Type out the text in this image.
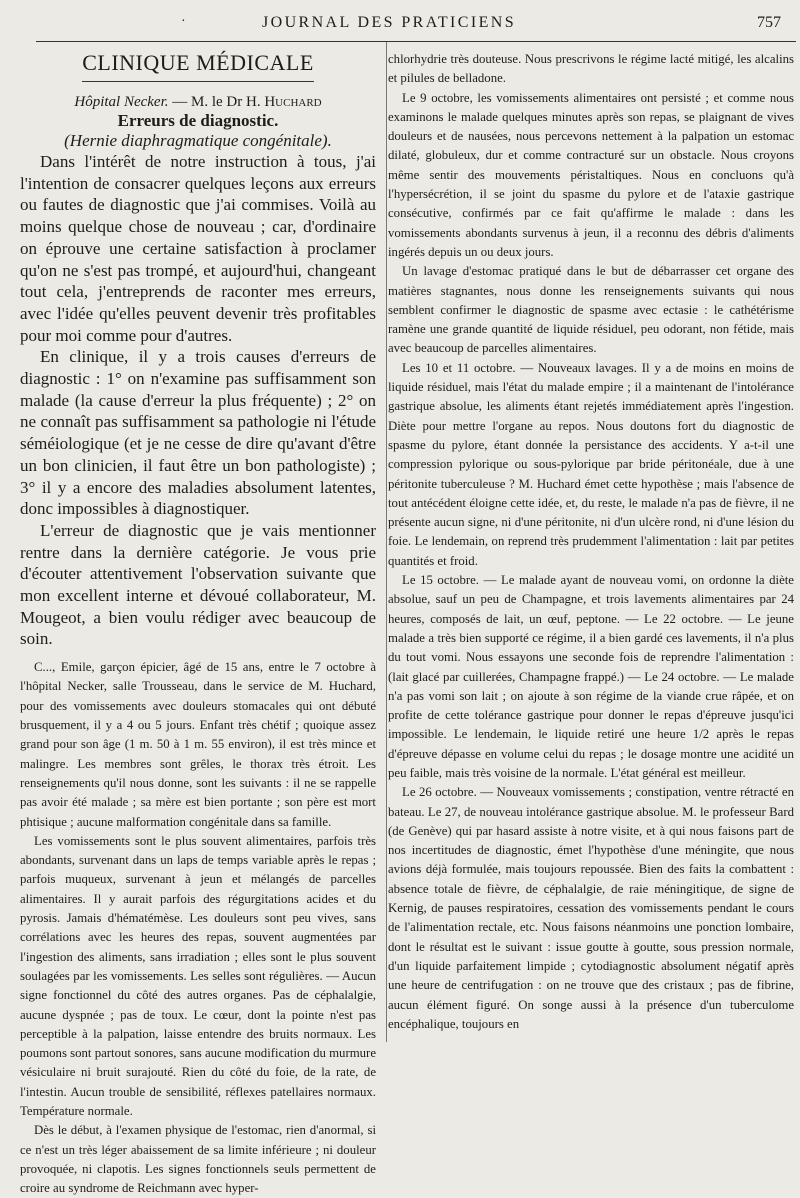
·	JOURNAL DES PRATICIENS	757
CLINIQUE MÉDICALE

Hôpital Necker. — M. le Dr H. Huchard

Erreurs de diagnostic.

(Hernie diaphragmatique congénitale).

Dans l'intérêt de notre instruction à tous, j'ai l'intention de consacrer quelques leçons aux erreurs ou fautes de diagnostic que j'ai commises. Voilà au moins quelque chose de nouveau ; car, d'ordinaire on éprouve une certaine satisfaction à proclamer qu'on ne s'est pas trompé, et aujourd'hui, changeant tout cela, j'entreprends de raconter mes erreurs, avec l'idée qu'elles peuvent devenir très profitables pour moi comme pour d'autres.

En clinique, il y a trois causes d'erreurs de diagnostic : 1° on n'examine pas suffisamment son malade (la cause d'erreur la plus fréquente) ; 2° on ne connaît pas suffisamment sa pathologie ni l'étude séméiologique (et je ne cesse de dire qu'avant d'être un bon clinicien, il faut être un bon pathologiste) ; 3° il y a encore des maladies absolument latentes, donc impossibles à diagnostiquer.

L'erreur de diagnostic que je vais mentionner rentre dans la dernière catégorie. Je vous prie d'écouter attentivement l'observation suivante que mon excellent interne et dévoué collaborateur, M. Mougeot, a bien voulu rédiger avec beaucoup de soin.

C..., Emile, garçon épicier, âgé de 15 ans, entre le 7 octobre à l'hôpital Necker, salle Trousseau, dans le service de M. Huchard, pour des vomissements avec douleurs stomacales qui ont débuté brusquement, il y a 4 ou 5 jours. Enfant très chétif ; quoique assez grand pour son âge (1 m. 50 à 1 m. 55 environ), il est très mince et malingre. Les membres sont grêles, le thorax très étroit. Les renseignements qu'il nous donne, sont les suivants : il ne se rappelle pas avoir été malade ; sa mère est bien portante ; son père est mort phtisique ; aucune malformation congénitale dans sa famille.

Les vomissements sont le plus souvent alimentaires, parfois très abondants, survenant dans un laps de temps variable après le repas ; parfois muqueux, survenant à jeun et mélangés de parcelles alimentaires. Il y aurait parfois des régurgitations acides et du pyrosis. Jamais d'hématémèse. Les douleurs sont peu vives, sans corrélations avec les heures des repas, souvent augmentées par l'ingestion des aliments, sans irradiation ; elles sont le plus souvent soulagées par les vomissements. Les selles sont régulières. — Aucun signe fonctionnel du côté des autres organes. Pas de céphalalgie, aucune dyspnée ; pas de toux. Le cœur, dont la pointe n'est pas perceptible à la palpation, laisse entendre des bruits normaux. Les poumons sont partout sonores, sans aucune modification du murmure vésiculaire ni bruit surajouté. Rien du côté du foie, de la rate, de l'intestin. Aucun trouble de sensibilité, réflexes patellaires normaux. Température normale.

Dès le début, à l'examen physique de l'estomac, rien d'anormal, si ce n'est un très léger abaissement de sa limite inférieure ; ni douleur provoquée, ni clapotis. Les signes fonctionnels seuls permettent de croire au syndrome de Reichmann avec hyper-

chlorhydrie très douteuse. Nous prescrivons le régime lacté mitigé, les alcalins et pilules de belladone.

Le 9 octobre, les vomissements alimentaires ont persisté ; et comme nous examinons le malade quelques minutes après son repas, se plaignant de vives douleurs et de nausées, nous percevons nettement à la palpation un estomac dilaté, globuleux, dur et comme contracturé sur un obstacle. Nous croyons même sentir des mouvements péristaltiques. Nous en concluons qu'à l'hypersécrétion, il se joint du spasme du pylore et de l'ataxie gastrique consécutive, confirmés par ce fait qu'affirme le malade : dans les vomissements abondants survenus à jeun, il a reconnu des débris d'aliments ingérés depuis un ou deux jours.

Un lavage d'estomac pratiqué dans le but de débarrasser cet organe des matières stagnantes, nous donne les renseignements suivants qui nous semblent confirmer le diagnostic de spasme avec ectasie : le cathétérisme ramène une grande quantité de liquide résiduel, peu odorant, non fétide, mais avec beaucoup de parcelles alimentaires.

Les 10 et 11 octobre. — Nouveaux lavages. Il y a de moins en moins de liquide résiduel, mais l'état du malade empire ; il a maintenant de l'intolérance gastrique absolue, les aliments étant rejetés immédiatement après l'ingestion. Diète pour mettre l'organe au repos. Nous doutons fort du diagnostic de spasme du pylore, étant donnée la persistance des accidents. Y a-t-il une compression pylorique ou sous-pylorique par bride péritonéale, due à une péritonite tuberculeuse ? M. Huchard émet cette hypothèse ; mais l'absence de tout antécédent éloigne cette idée, et, du reste, le malade n'a pas de fièvre, il ne présente aucun signe, ni d'une péritonite, ni d'un ulcère rond, ni d'une lésion du foie. Le lendemain, on reprend très prudemment l'alimentation : lait par petites quantités et froid.

Le 15 octobre. — Le malade ayant de nouveau vomi, on ordonne la diète absolue, sauf un peu de Champagne, et trois lavements alimentaires par 24 heures, composés de lait, un œuf, peptone. — Le 22 octobre. — Le jeune malade a très bien supporté ce régime, il a bien gardé ces lavements, il n'a plus du tout vomi. Nous essayons une seconde fois de reprendre l'alimentation : (lait glacé par cuillerées, Champagne frappé.) — Le 24 octobre. — Le malade n'a pas vomi son lait ; on ajoute à son régime de la viande crue râpée, et on profite de cette tolérance gastrique pour donner le repas d'épreuve jusqu'ici impossible. Le lendemain, le liquide retiré une heure 1/2 après le repas d'épreuve dépasse en volume celui du repas ; le dosage montre une acidité un peu faible, mais très voisine de la normale. L'état général est meilleur.

Le 26 octobre. — Nouveaux vomissements ; constipation, ventre rétracté en bateau. Le 27, de nouveau intolérance gastrique absolue. M. le professeur Bard (de Genève) qui par hasard assiste à notre visite, et à qui nous faisons part de nos incertitudes de diagnostic, émet l'hypothèse d'une méningite, que nous avions déjà formulée, mais toujours repoussée. Bien des faits la combattent : absence totale de fièvre, de céphalalgie, de raie méningitique, de signe de Kernig, de pauses respiratoires, cessation des vomissements pendant le cours de l'alimentation rectale, etc. Nous faisons néanmoins une ponction lombaire, dont le résultat est le suivant : issue goutte à goutte, sous pression normale, d'un liquide parfaitement limpide ; cytodiagnostic absolument négatif après une heure de centrifugation : on ne trouve que des cristaux ; pas de fibrine, aucun élément figuré. On songe aussi à la présence d'un tuberculome encéphalique, toujours en
